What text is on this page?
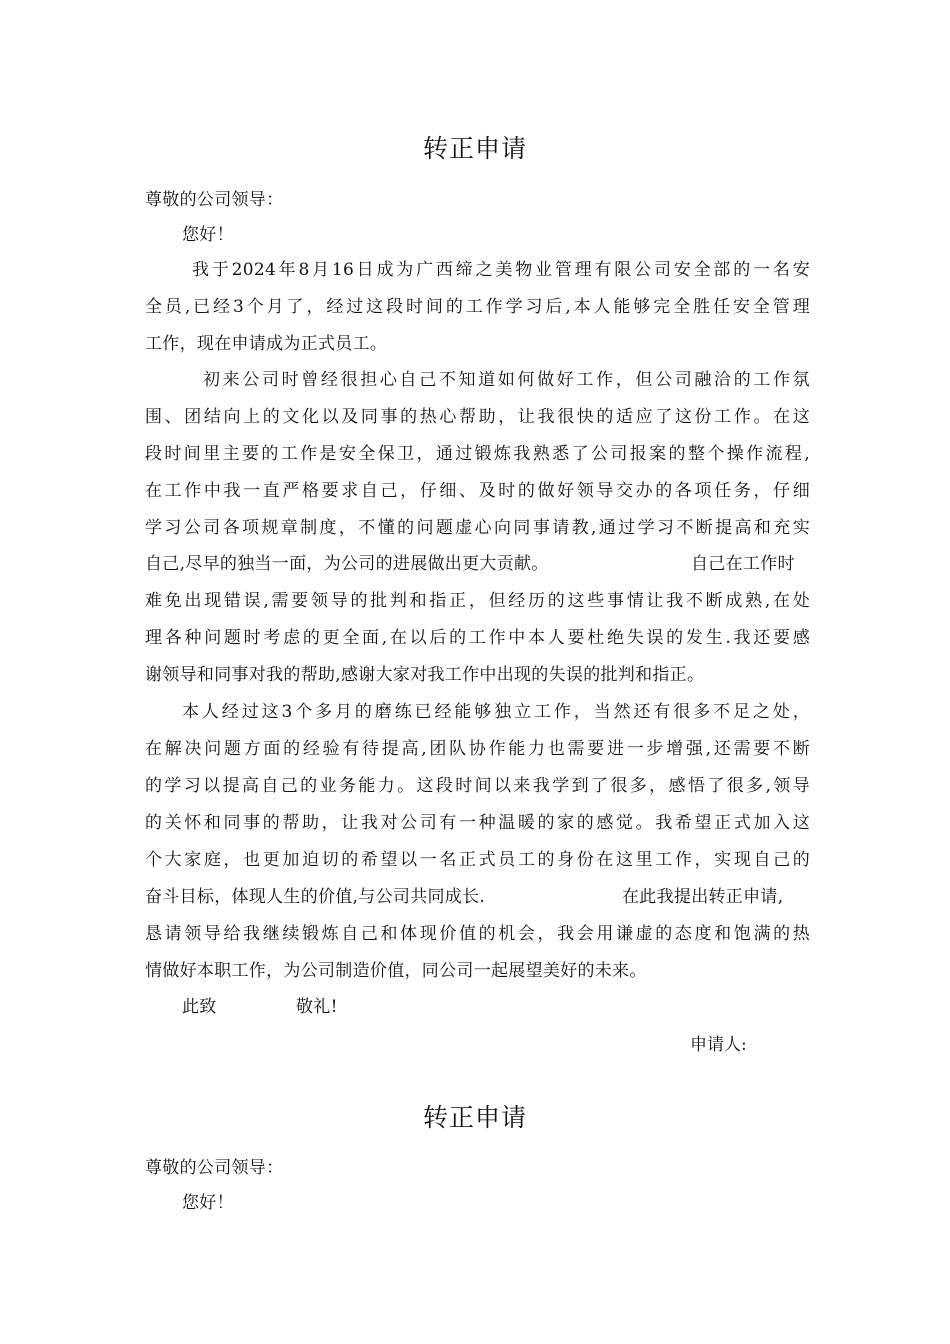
转正申请
尊敬的公司领导：
您好！
我于2024年8月16日成为广西缔之美物业管理有限公司安全部的一名安
全员,已经3个月了，经过这段时间的工作学习后,本人能够完全胜任安全管理
工作，现在申请成为正式员工。
初来公司时曾经很担心自己不知道如何做好工作，但公司融洽的工作氛
围、团结向上的文化以及同事的热心帮助，让我很快的适应了这份工作。在这
段时间里主要的工作是安全保卫，通过锻炼我熟悉了公司报案的整个操作流程,
在工作中我一直严格要求自己，仔细、及时的做好领导交办的各项任务，仔细
学习公司各项规章制度，不懂的问题虚心向同事请教,通过学习不断提高和充实
自己,尽早的独当一面，为公司的进展做出更大贡献。	自己在工作时
难免出现错误,需要领导的批判和指正，但经历的这些事情让我不断成熟,在处
理各种问题时考虑的更全面,在以后的工作中本人要杜绝失误的发生.我还要感
谢领导和同事对我的帮助,感谢大家对我工作中出现的失误的批判和指正。
本人经过这3个多月的磨练已经能够独立工作，当然还有很多不足之处，
在解决问题方面的经验有待提高,团队协作能力也需要进一步增强,还需要不断
的学习以提高自己的业务能力。这段时间以来我学到了很多，感悟了很多,领导
的关怀和同事的帮助，让我对公司有一种温暖的家的感觉。我希望正式加入这
个大家庭，也更加迫切的希望以一名正式员工的身份在这里工作，实现自己的
奋斗目标，体现人生的价值,与公司共同成长.	在此我提出转正申请,
恳请领导给我继续锻炼自己和体现价值的机会，我会用谦虚的态度和饱满的热
情做好本职工作，为公司制造价值，同公司一起展望美好的未来。
此致	敬礼!
申请人:
转正申请
尊敬的公司领导：
您好！
